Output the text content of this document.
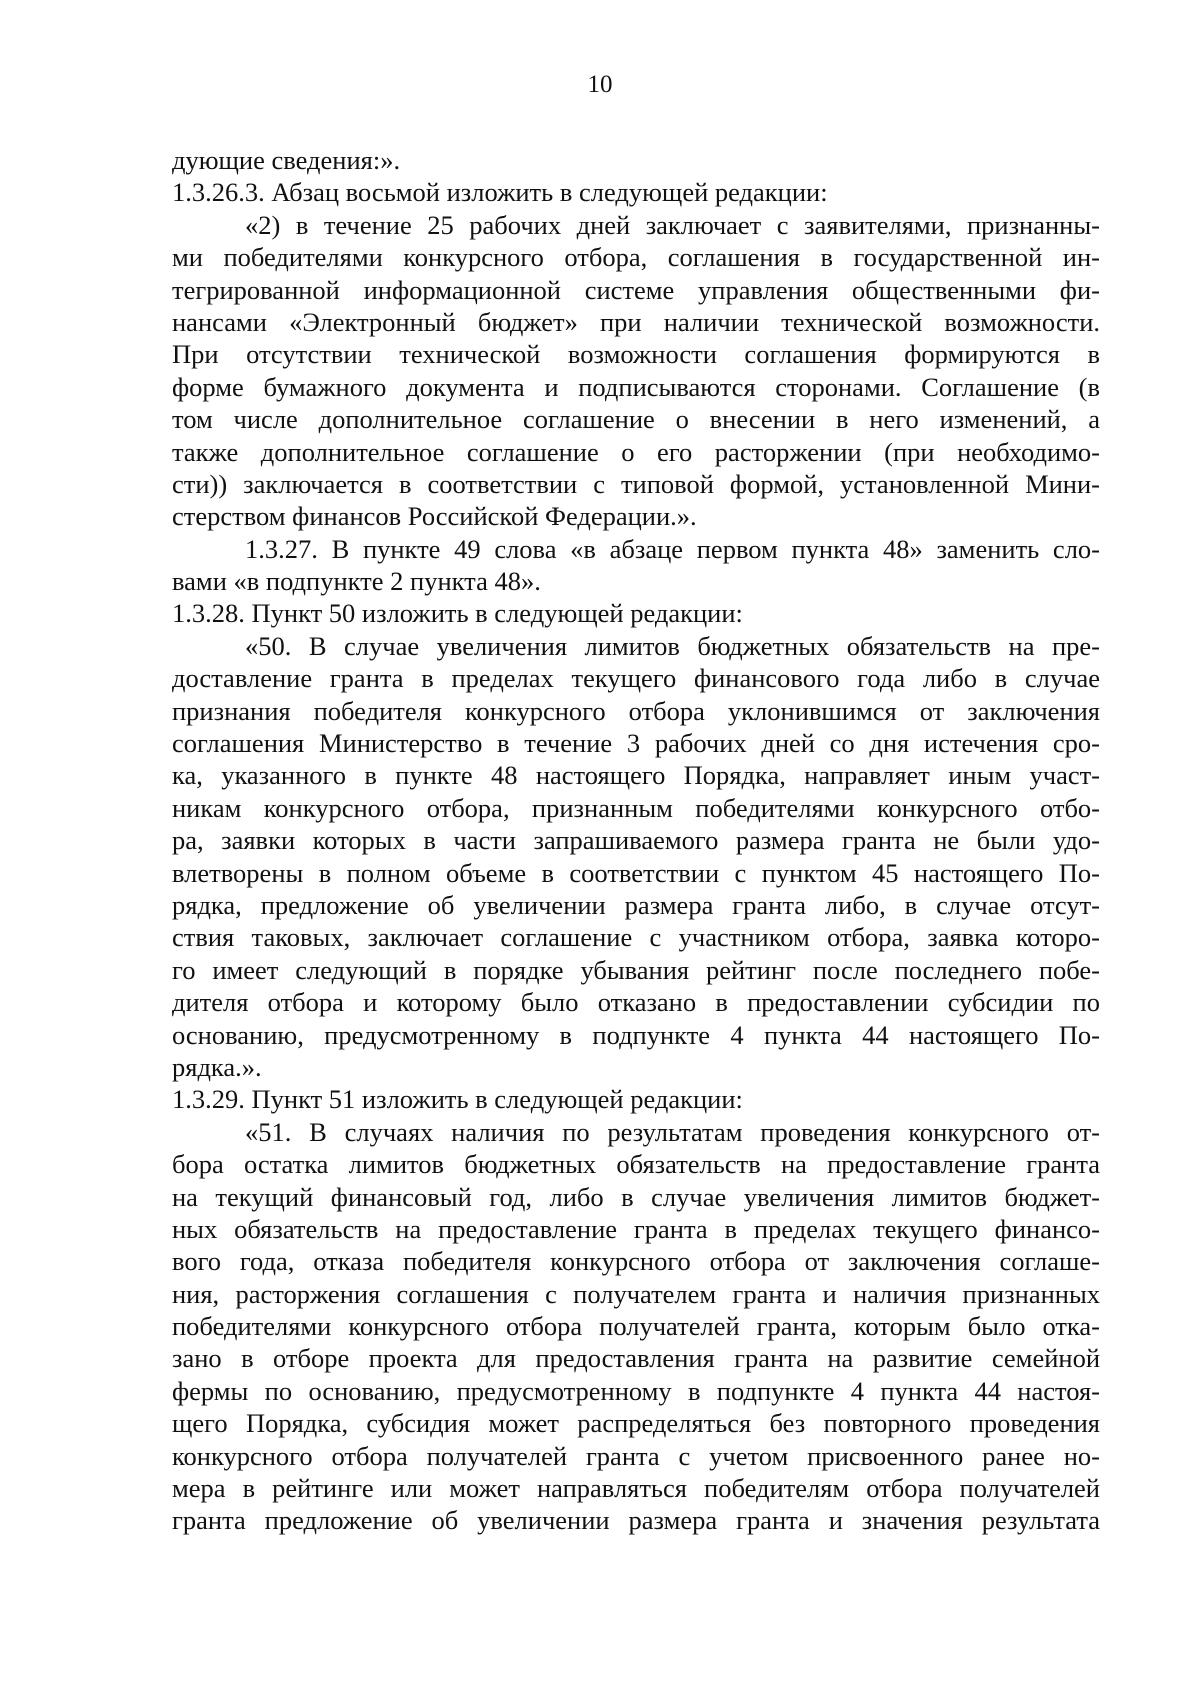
10

дующие сведения:».

1.3.26.3. Абзац восьмой изложить в следующей редакции:

«2) в течение 25 рабочих дней заключает с заявителями, признанны-
ми победителями конкурсного отбора, соглашения в государственной ин-
тегрированной информационной системе управления общественными фи-
нансами «Электронный бюджет» при наличии технической возможности.
При отсутствии технической возможности соглашения формируются в
форме бумажного документа и подписываются сторонами. Соглашение (в
том числе дополнительное соглашение о внесении в него изменений, а
также дополнительное соглашение о его расторжении (при необходимо-
сти)) заключается в соответствии с типовой формой, установленной Мини-
стерством финансов Российской Федерации.».

1.3.27. В пункте 49 слова «в абзаце первом пункта 48» заменить сло-
вами «в подпункте 2 пункта 48».

1.3.28. Пункт 50 изложить в следующей редакции:

«50. В случае увеличения лимитов бюджетных обязательств на пре-
доставление гранта в пределах текущего финансового года либо в случае
признания победителя конкурсного отбора уклонившимся от заключения
соглашения Министерство в течение 3 рабочих дней со дня истечения сро-
ка, указанного в пункте 48 настоящего Порядка, направляет иным участ-
никам конкурсного отбора, признанным победителями конкурсного отбо-
ра, заявки которых в части запрашиваемого размера гранта не были удо-
влетворены в полном объеме в соответствии с пунктом 45 настоящего По-
рядка, предложение об увеличении размера гранта либо, в случае отсут-
ствия таковых, заключает соглашение с участником отбора, заявка которо-
го имеет следующий в порядке убывания рейтинг после последнего побе-
дителя отбора и которому было отказано в предоставлении субсидии по
основанию, предусмотренному в подпункте 4 пункта 44 настоящего По-
рядка.».

1.3.29. Пункт 51 изложить в следующей редакции:

«51. В случаях наличия по результатам проведения конкурсного от-
бора остатка лимитов бюджетных обязательств на предоставление гранта
на текущий финансовый год, либо в случае увеличения лимитов бюджет-
ных обязательств на предоставление гранта в пределах текущего финансо-
вого года, отказа победителя конкурсного отбора от заключения соглаше-
ния, расторжения соглашения с получателем гранта и наличия признанных
победителями конкурсного отбора получателей гранта, которым было отка-
зано в отборе проекта для предоставления гранта на развитие семейной
фермы по основанию, предусмотренному в подпункте 4 пункта 44 настоя-
щего Порядка, субсидия может распределяться без повторного проведения
конкурсного отбора получателей гранта с учетом присвоенного ранее но-
мера в рейтинге или может направляться победителям отбора получателей
гранта предложение об увеличении размера гранта и значения результата
